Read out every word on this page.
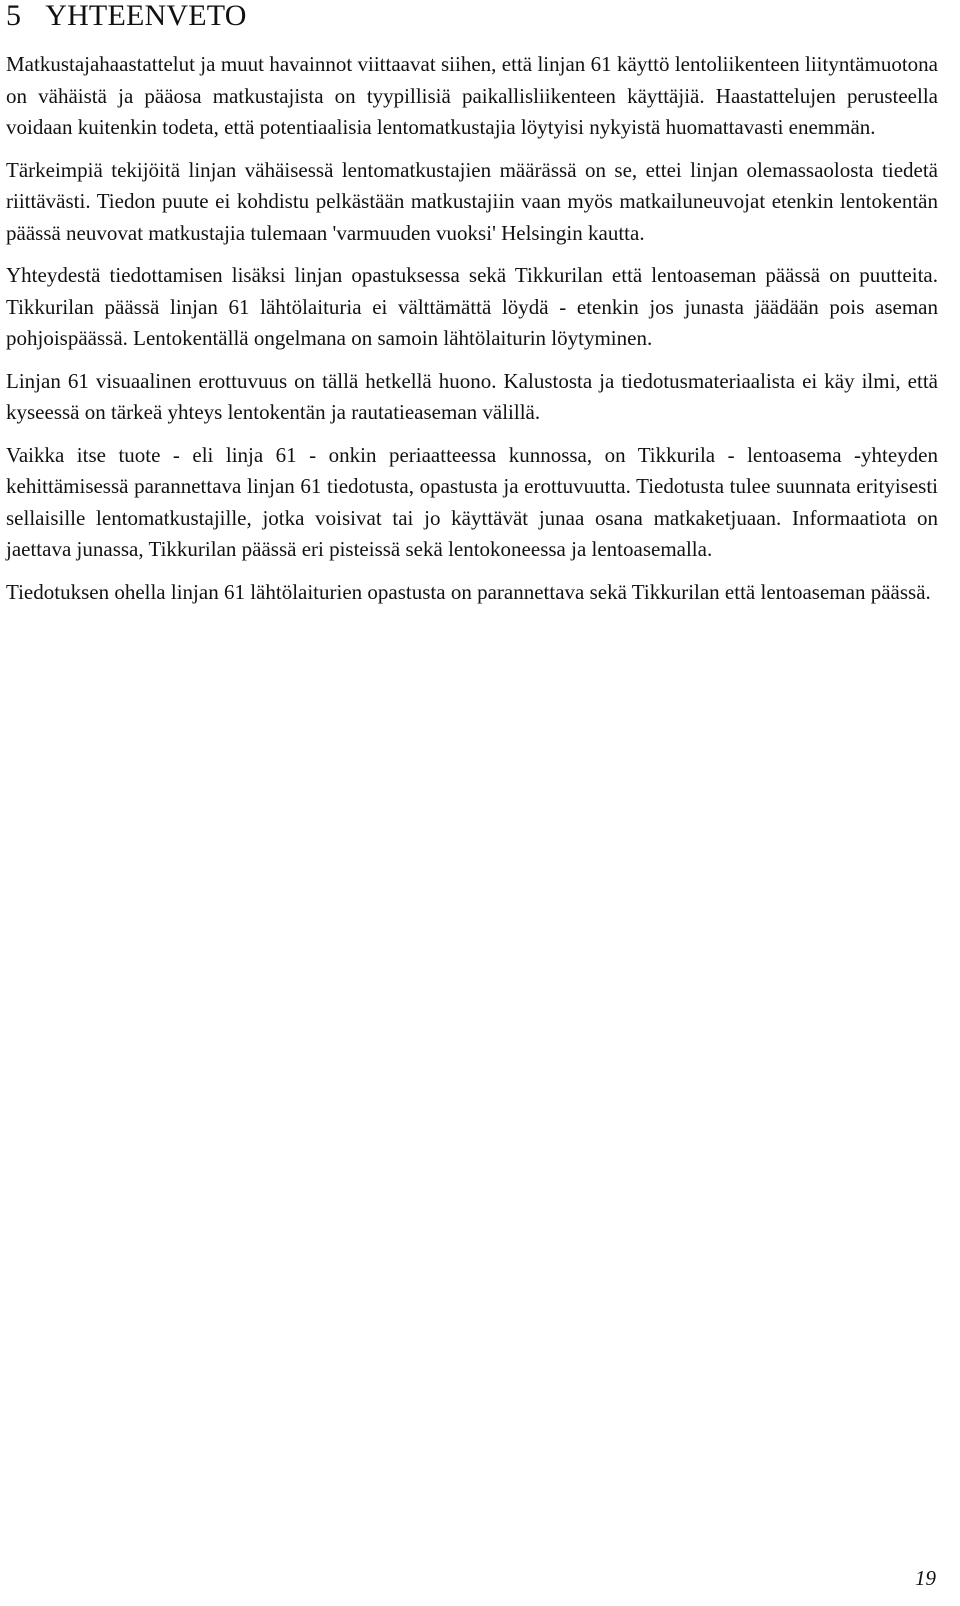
5 YHTEENVETO

Matkustajahaastattelut ja muut havainnot viittaavat siihen, että linjan 61 käyttö lentoliikenteen liityntämuotona on vähäistä ja pääosa matkustajista on tyypillisiä paikallisliikenteen käyttäjiä. Haastattelujen perusteella voidaan kuitenkin todeta, että potentiaalisia lentomatkustajia löytyisi nykyistä huomattavasti enemmän.

Tärkeimpiä tekijöitä linjan vähäisessä lentomatkustajien määrässä on se, ettei linjan olemassaolosta tiedetä riittävästi. Tiedon puute ei kohdistu pelkästään matkustajiin vaan myös matkailuneuvojat etenkin lentokentän päässä neuvovat matkustajia tulemaan 'varmuuden vuoksi' Helsingin kautta.

Yhteydestä tiedottamisen lisäksi linjan opastuksessa sekä Tikkurilan että lentoaseman päässä on puutteita. Tikkurilan päässä linjan 61 lähtölaituria ei välttämättä löydä - etenkin jos junasta jäädään pois aseman pohjoispäässä. Lentokentällä ongelmana on samoin lähtölaiturin löytyminen.

Linjan 61 visuaalinen erottuvuus on tällä hetkellä huono. Kalustosta ja tiedotusmateriaalista ei käy ilmi, että kyseessä on tärkeä yhteys lentokentän ja rautatieaseman välillä.

Vaikka itse tuote - eli linja 61 - onkin periaatteessa kunnossa, on Tikkurila - lentoasema -yhteyden kehittämisessä parannettava linjan 61 tiedotusta, opastusta ja erottuvuutta. Tiedotusta tulee suunnata erityisesti sellaisille lentomatkustajille, jotka voisivat tai jo käyttävät junaa osana matkaketjuaan. Informaatiota on jaettava junassa, Tikkurilan päässä eri pisteissä sekä lentokoneessa ja lentoasemalla.

Tiedotuksen ohella linjan 61 lähtölaiturien opastusta on parannettava sekä Tikkurilan että lentoaseman päässä.

19
